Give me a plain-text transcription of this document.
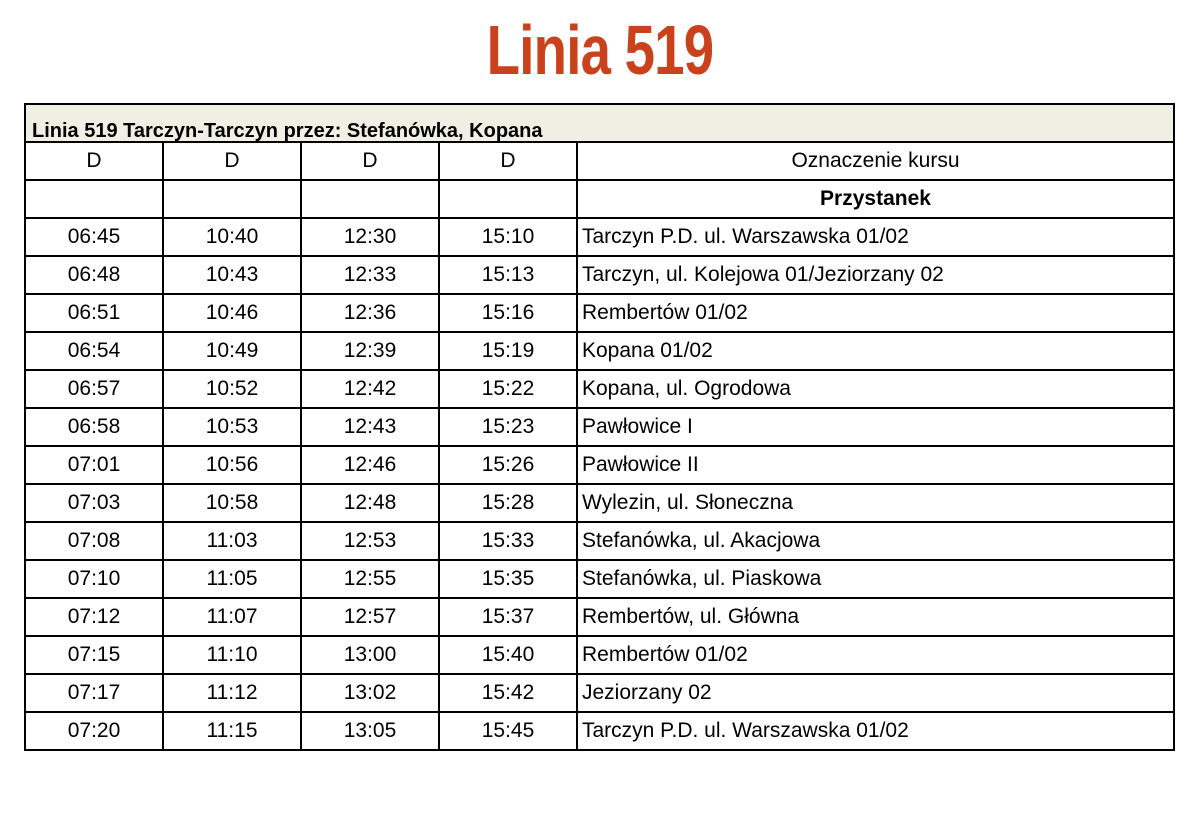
Linia 519
Linia 519 Tarczyn-Tarczyn przez: Stefanówka, Kopana				
D	D	D	D	Oznaczenie kursu
				Przystanek
06:45	10:40	12:30	15:10	Tarczyn P.D. ul. Warszawska 01/02
06:48	10:43	12:33	15:13	Tarczyn, ul. Kolejowa 01/Jeziorzany 02
06:51	10:46	12:36	15:16	Rembertów 01/02
06:54	10:49	12:39	15:19	Kopana 01/02
06:57	10:52	12:42	15:22	Kopana, ul. Ogrodowa
06:58	10:53	12:43	15:23	Pawłowice I
07:01	10:56	12:46	15:26	Pawłowice II
07:03	10:58	12:48	15:28	Wylezin, ul. Słoneczna
07:08	11:03	12:53	15:33	Stefanówka, ul. Akacjowa
07:10	11:05	12:55	15:35	Stefanówka, ul. Piaskowa
07:12	11:07	12:57	15:37	Rembertów, ul. Główna
07:15	11:10	13:00	15:40	Rembertów 01/02
07:17	11:12	13:02	15:42	Jeziorzany 02
07:20	11:15	13:05	15:45	Tarczyn P.D. ul. Warszawska 01/02
